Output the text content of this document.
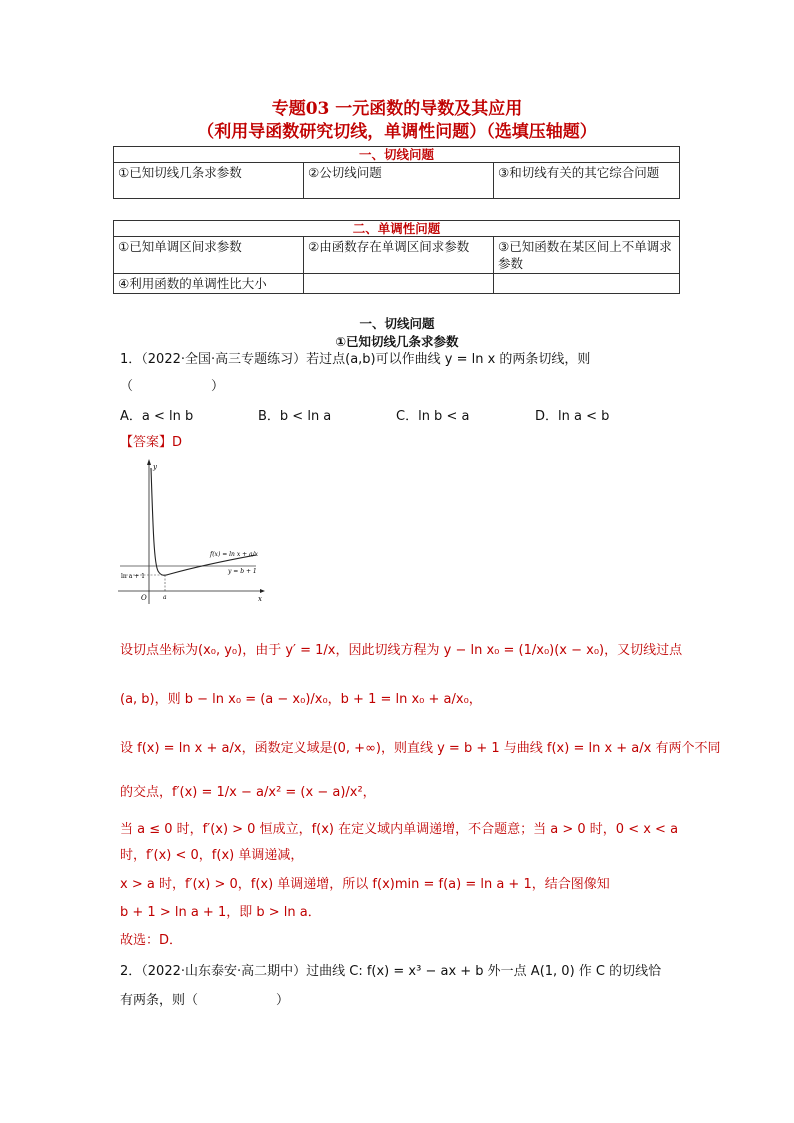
专题03 一元函数的导数及其应用
（利用导函数研究切线，单调性问题）（选填压轴题）
一、切线问题
①已知切线几条求参数	②公切线问题	③和切线有关的其它综合问题
二、单调性问题		
①已知单调区间求参数	②由函数存在单调区间求参数	③已知函数在某区间上不单调求参数
④利用函数的单调性比大小		
一、切线问题
①已知切线几条求参数
1．（2022·全国·高三专题练习）若过点(a,b)可以作曲线 y = ln x 的两条切线，则
（　　　　　　）
A．a < ln b	B．b < ln a	C．ln b < a	D．ln a < b
【答案】D
y
x
O
f(x) = ln x + a/x
y = b + 1
ln a + 1
a
设切点坐标为(x₀, y₀)，由于 y′ = 1/x，因此切线方程为 y − ln x₀ = (1/x₀)(x − x₀)，又切线过点
(a, b)，则 b − ln x₀ = (a − x₀)/x₀，b + 1 = ln x₀ + a/x₀，
设 f(x) = ln x + a/x，函数定义域是(0, +∞)，则直线 y = b + 1 与曲线 f(x) = ln x + a/x 有两个不同
的交点，f′(x) = 1/x − a/x² = (x − a)/x²，
当 a ≤ 0 时，f′(x) > 0 恒成立，f(x) 在定义域内单调递增，不合题意；当 a > 0 时，0 < x < a
时，f′(x) < 0，f(x) 单调递减，
x > a 时，f′(x) > 0，f(x) 单调递增，所以 f(x)min = f(a) = ln a + 1，结合图像知
b + 1 > ln a + 1，即 b > ln a．
故选：D．
2．（2022·山东泰安·高二期中）过曲线 C: f(x) = x³ − ax + b 外一点 A(1, 0) 作 C 的切线恰
有两条，则（　　　　　　）
